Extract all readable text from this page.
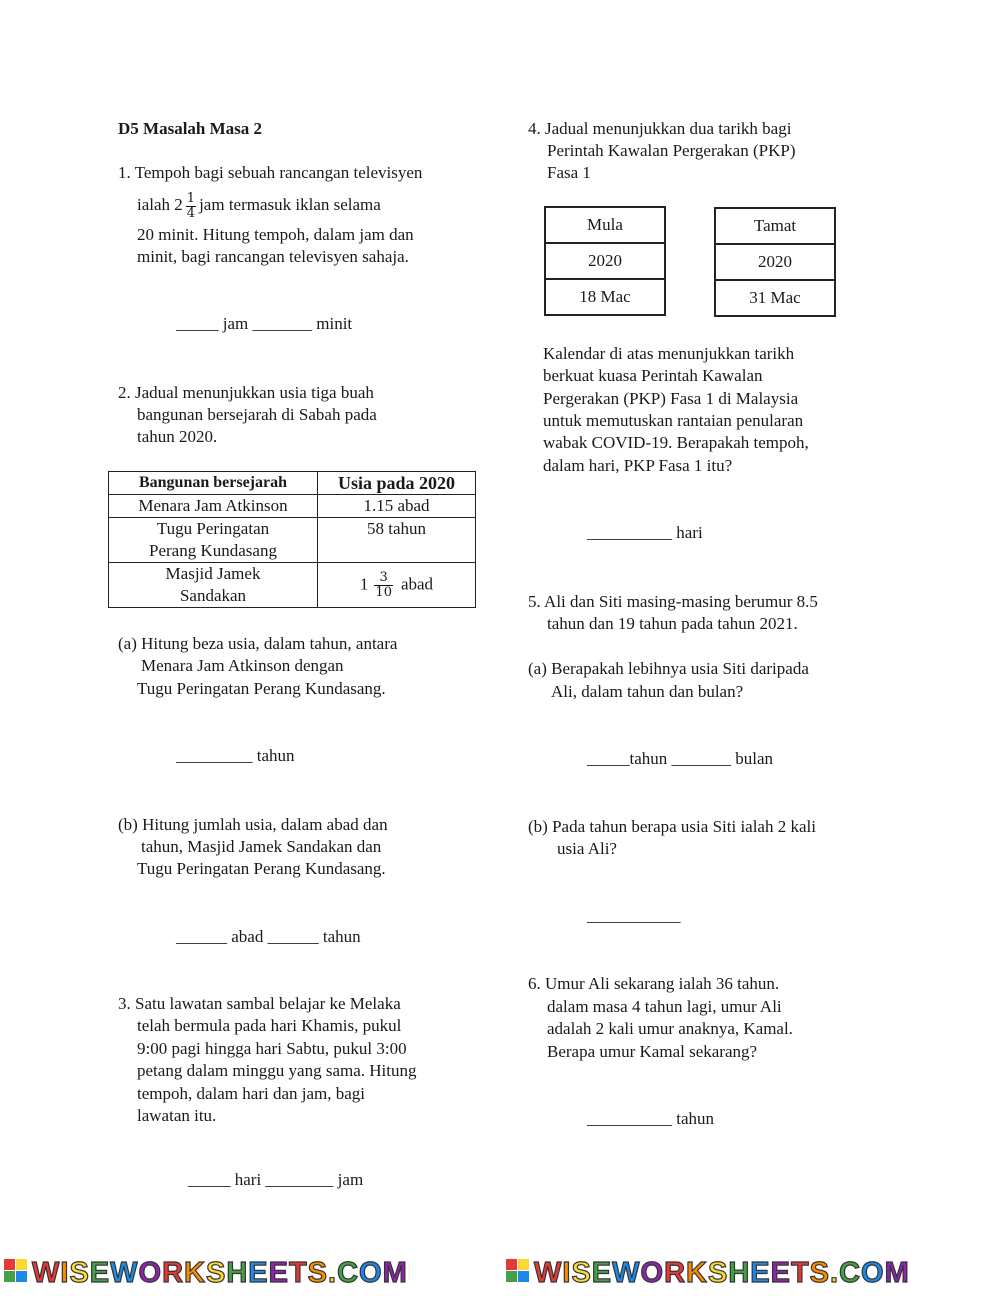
D5 Masalah Masa 2
1. Tempoh bagi sebuah rancangan televisyen
ialah $2 \frac{1}{4}$ jam termasuk iklan selama
20 minit. Hitung tempoh, dalam jam dan
minit, bagi rancangan televisyen sahaja.
_____ jam _______ minit
2. Jadual menunjukkan usia tiga buah
bangunan bersejarah di Sabah pada
tahun 2020.
Bangunan bersejarah	Usia pada 2020
Menara Jam Atkinson	1.15 abad
Tugu Peringatan
Perang Kundasang	58 tahun
Masjid Jamek
Sandakan	$1 \frac{3}{10}$ abad
(a) Hitung beza usia, dalam tahun, antara
Menara Jam Atkinson dengan
Tugu Peringatan Perang Kundasang.
_________ tahun
(b) Hitung jumlah usia, dalam abad dan
tahun, Masjid Jamek Sandakan dan
Tugu Peringatan Perang Kundasang.
______ abad ______ tahun
3. Satu lawatan sambal belajar ke Melaka
telah bermula pada hari Khamis, pukul
9:00 pagi hingga hari Sabtu, pukul 3:00
petang dalam minggu yang sama. Hitung
tempoh, dalam hari dan jam, bagi
lawatan itu.
_____ hari ________ jam
4. Jadual menunjukkan dua tarikh bagi
Perintah Kawalan Pergerakan (PKP)
Fasa 1
Mula
2020
18 Mac
Tamat
2020
31 Mac
Kalendar di atas menunjukkan tarikh
berkuat kuasa Perintah Kawalan
Pergerakan (PKP) Fasa 1 di Malaysia
untuk memutuskan rantaian penularan
wabak COVID-19. Berapakah tempoh,
dalam hari, PKP Fasa 1 itu?
__________ hari
5. Ali dan Siti masing-masing berumur 8.5
tahun dan 19 tahun pada tahun 2021.
(a) Berapakah lebihnya usia Siti daripada
Ali, dalam tahun dan bulan?
_____tahun _______ bulan
(b) Pada tahun berapa usia Siti ialah 2 kali
usia Ali?
___________
6. Umur Ali sekarang ialah 36 tahun.
dalam masa 4 tahun lagi, umur Ali
adalah 2 kali umur anaknya, Kamal.
Berapa umur Kamal sekarang?
__________ tahun
WISEWORKSHEETS.COM	WISEWORKSHEETS.COM
